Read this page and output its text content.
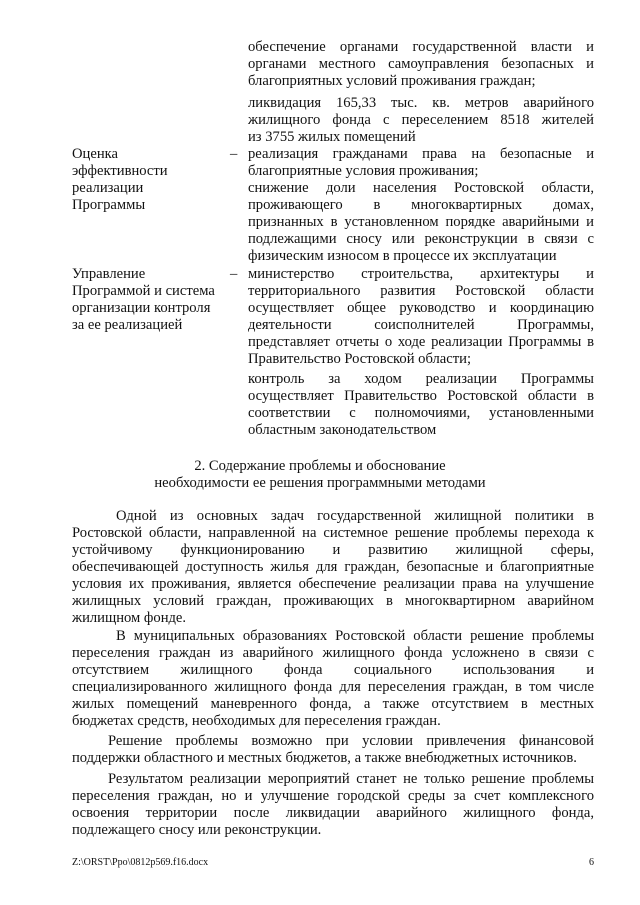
обеспечение органами государственной власти и
органами местного самоуправления безопасных и
благоприятных условий проживания граждан;
ликвидация 165,33 тыс. кв. метров аварийного
жилищного фонда с переселением 8518 жителей
из 3755 жилых помещений
Оценка
эффективности
реализации
Программы
– реализация гражданами права на безопасные и
благоприятные условия проживания;
снижение доли населения Ростовской области,
проживающего в многоквартирных домах,
признанных в установленном порядке аварийными и
подлежащими сносу или реконструкции в связи с
физическим износом в процессе их эксплуатации
Управление
Программой и система
организации контроля
за ее реализацией
– министерство строительства, архитектуры и
территориального развития Ростовской области
осуществляет общее руководство и координацию
деятельности соисполнителей Программы,
представляет отчеты о ходе реализации Программы в
Правительство Ростовской области;
контроль за ходом реализации Программы
осуществляет Правительство Ростовской области в
соответствии с полномочиями, установленными
областным законодательством
2. Содержание проблемы и обоснование
необходимости ее решения программными методами
Одной из основных задач государственной жилищной политики в
Ростовской области, направленной на системное решение проблемы перехода к
устойчивому функционированию и развитию жилищной сферы,
обеспечивающей доступность жилья для граждан, безопасные и благоприятные
условия их проживания, является обеспечение реализации права на улучшение
жилищных условий граждан, проживающих в многоквартирном аварийном
жилищном фонде.
В муниципальных образованиях Ростовской области решение проблемы
переселения граждан из аварийного жилищного фонда усложнено в связи с
отсутствием жилищного фонда социального использования и
специализированного жилищного фонда для переселения граждан, в том числе
жилых помещений маневренного фонда, а также отсутствием в местных
бюджетах средств, необходимых для переселения граждан.
Решение проблемы возможно при условии привлечения финансовой
поддержки областного и местных бюджетов, а также внебюджетных источников.
Результатом реализации мероприятий станет не только решение проблемы
переселения граждан, но и улучшение городской среды за счет комплексного
освоения территории после ликвидации аварийного жилищного фонда,
подлежащего сносу или реконструкции.
Z:\ORST\Ppo\0812p569.f16.docx	6
